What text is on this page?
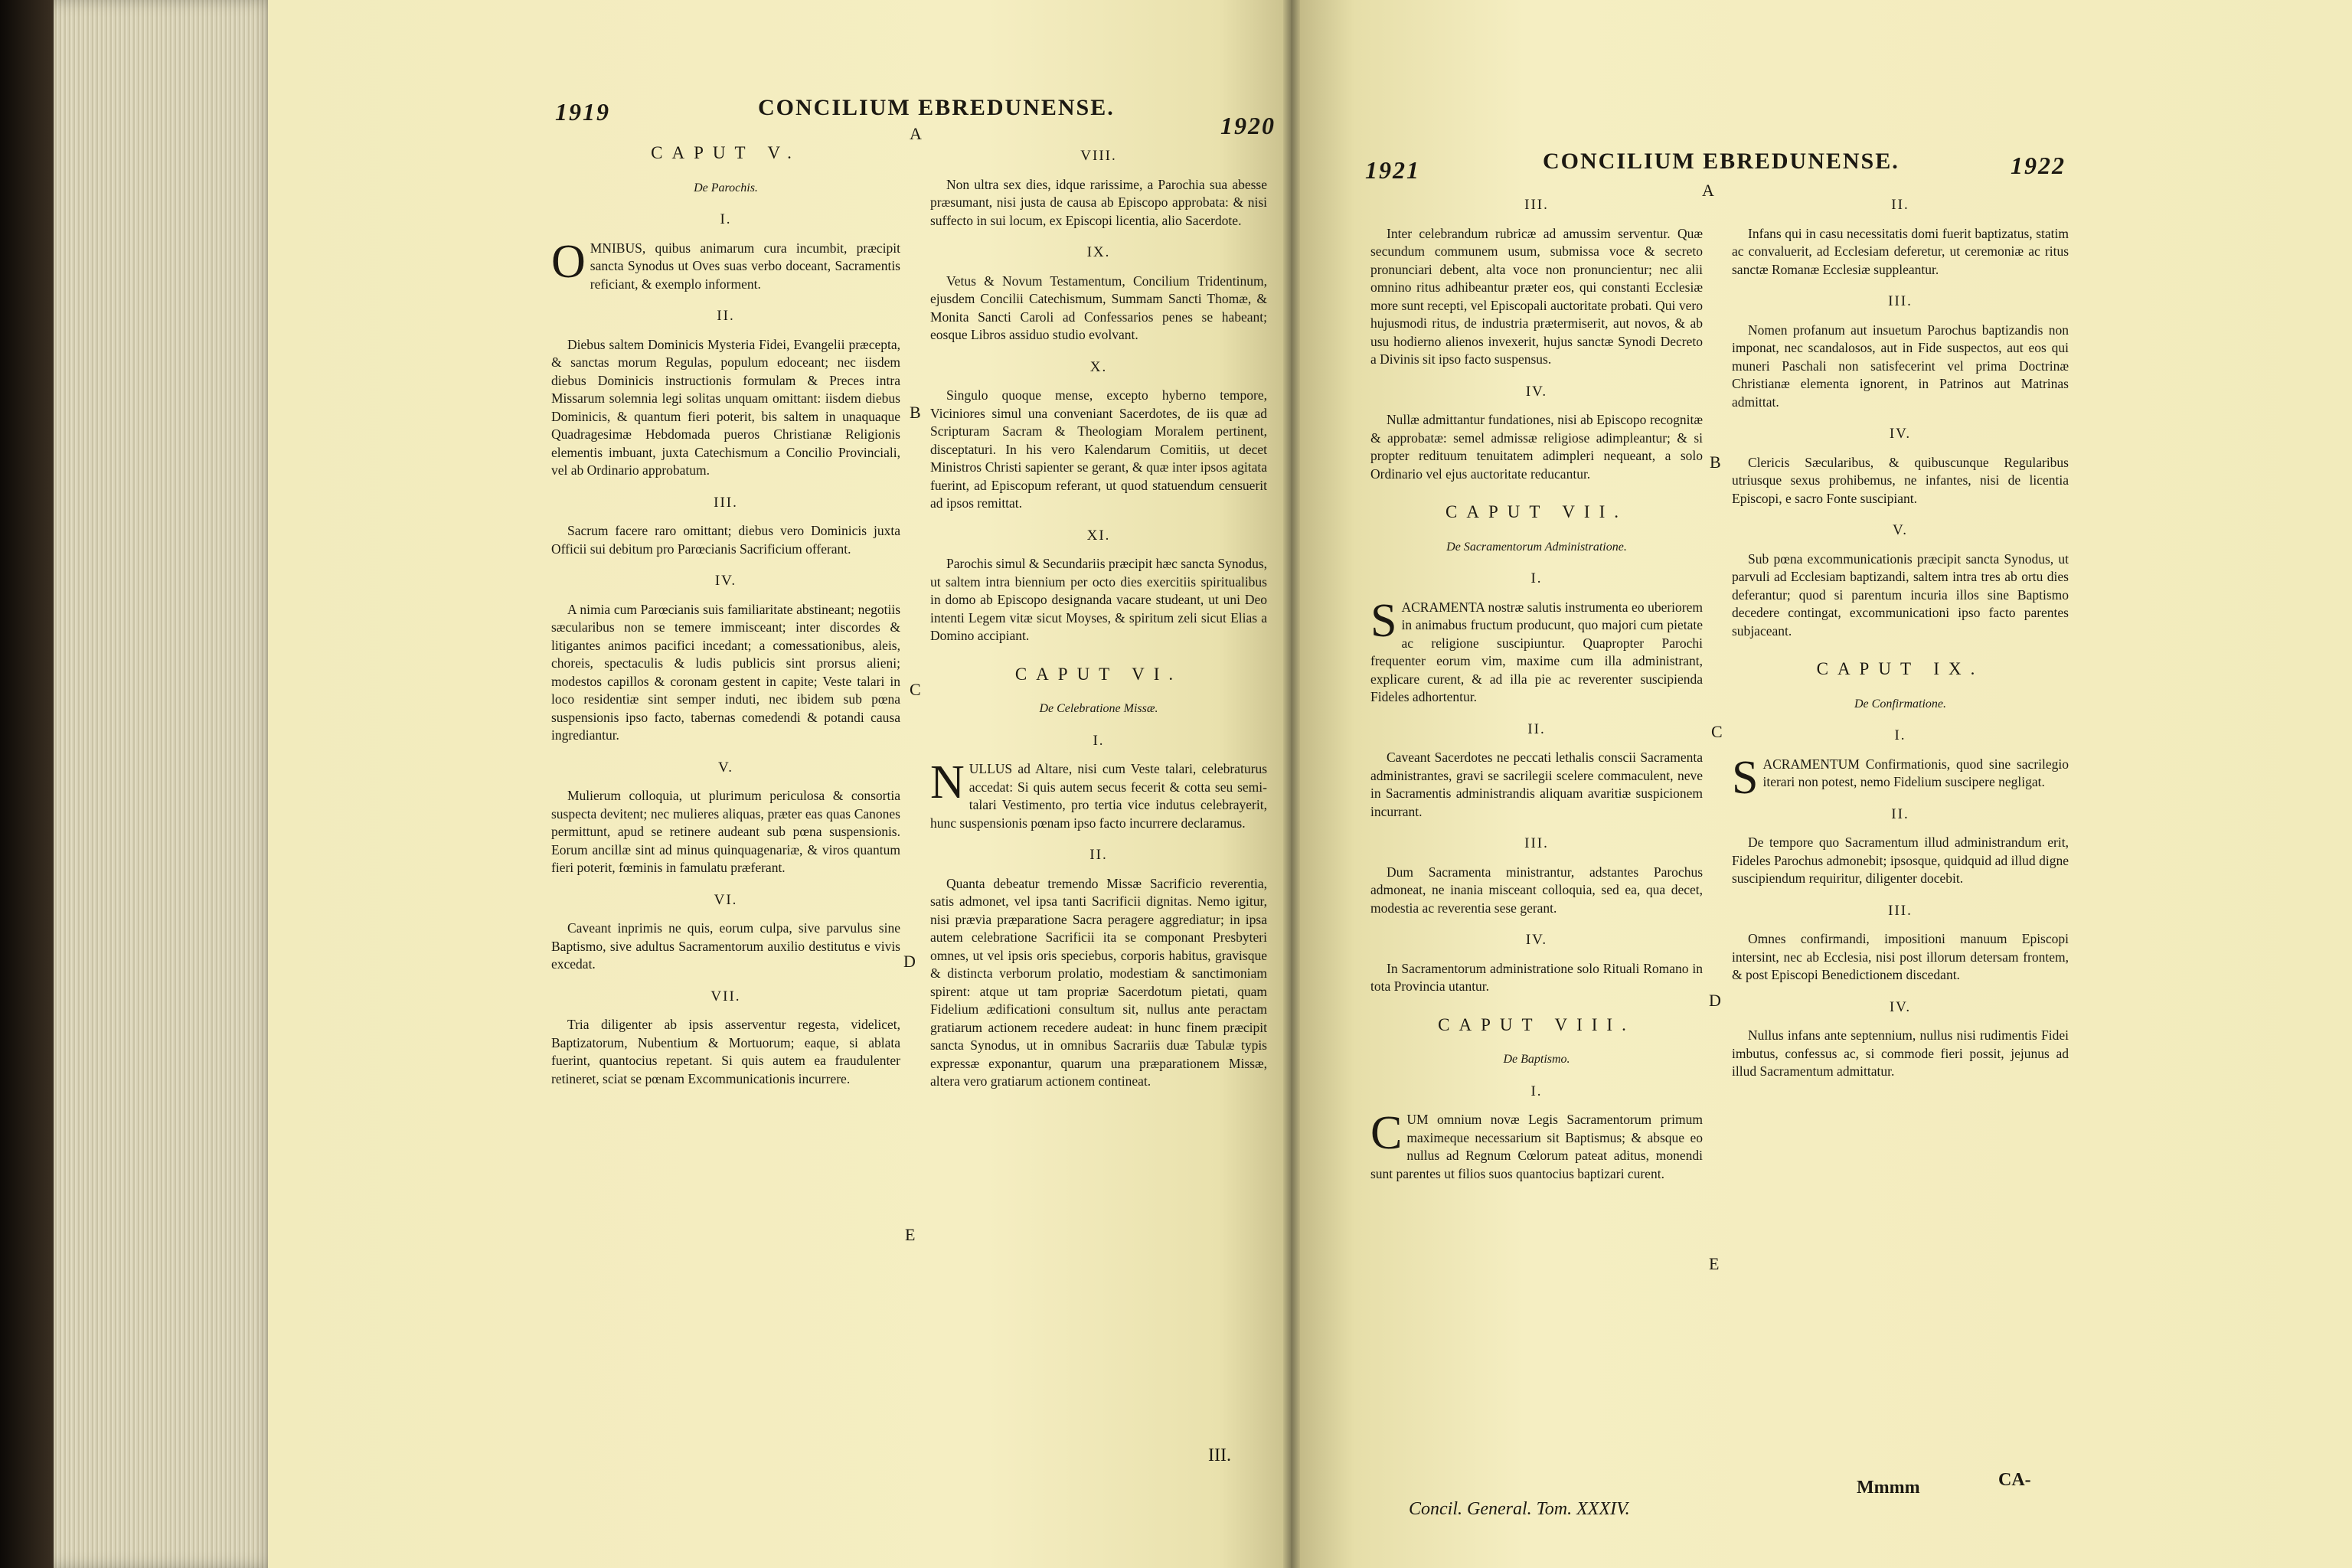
1919	CONCILIUM EBREDUNENSE.
1920
A
B
C
D
E
CAPUT V.
De Parochis.
I.

OMNIBUS, quibus animarum cura incumbit, præcipit sancta Synodus ut Oves suas verbo doceant, Sacramentis reficiant, & exemplo informent.

II.

Diebus saltem Dominicis Mysteria Fidei, Evangelii præcepta, & sanctas morum Regulas, populum edoceant; nec iisdem diebus Dominicis instructionis formulam & Preces intra Missarum solemnia legi solitas unquam omittant: iisdem diebus Dominicis, & quantum fieri poterit, bis saltem in unaquaque Quadragesimæ Hebdomada pueros Christianæ Religionis elementis imbuant, juxta Catechismum a Concilio Provinciali, vel ab Ordinario approbatum.

III.

Sacrum facere raro omittant; diebus vero Dominicis juxta Officii sui debitum pro Parœcianis Sacrificium offerant.

IV.

A nimia cum Parœcianis suis familiaritate abstineant; negotiis sæcularibus non se temere immisceant; inter discordes & litigantes animos pacifici incedant; a comessationibus, aleis, choreis, spectaculis & ludis publicis sint prorsus alieni; modestos capillos & coronam gestent in capite; Veste talari in loco residentiæ sint semper induti, nec ibidem sub pœna suspensionis ipso facto, tabernas comedendi & potandi causa ingrediantur.

V.

Mulierum colloquia, ut plurimum periculosa & consortia suspecta devitent; nec mulieres aliquas, præter eas quas Canones permittunt, apud se retinere audeant sub pœna suspensionis. Eorum ancillæ sint ad minus quinquagenariæ, & viros quantum fieri poterit, fœminis in famulatu præferant.

VI.

Caveant inprimis ne quis, eorum culpa, sive parvulus sine Baptismo, sive adultus Sacramentorum auxilio destitutus e vivis excedat.

VII.

Tria diligenter ab ipsis asserventur regesta, videlicet, Baptizatorum, Nubentium & Mortuorum; eaque, si ablata fuerint, quantocius repetant. Si quis autem ea fraudulenter retineret, sciat se pœnam Excommunicationis incurrere.

VIII.

Non ultra sex dies, idque rarissime, a Parochia sua abesse præsumant, nisi justa de causa ab Episcopo approbata: & nisi suffecto in sui locum, ex Episcopi licentia, alio Sacerdote.

IX.

Vetus & Novum Testamentum, Concilium Tridentinum, ejusdem Concilii Catechismum, Summam Sancti Thomæ, & Monita Sancti Caroli ad Confessarios penes se habeant; eosque Libros assiduo studio evolvant.

X.

Singulo quoque mense, excepto hyberno tempore, Viciniores simul una conveniant Sacerdotes, de iis quæ ad Scripturam Sacram & Theologiam Moralem pertinent, disceptaturi. In his vero Kalendarum Comitiis, ut decet Ministros Christi sapienter se gerant, & quæ inter ipsos agitata fuerint, ad Episcopum referant, ut quod statuendum censuerit ad ipsos remittat.

XI.

Parochis simul & Secundariis præcipit hæc sancta Synodus, ut saltem intra biennium per octo dies exercitiis spiritualibus in domo ab Episcopo designanda vacare studeant, ut uni Deo intenti Legem vitæ sicut Moyses, & spiritum zeli sicut Elias a Domino accipiant.

CAPUT VI.
De Celebratione Missæ.
I.

NULLUS ad Altare, nisi cum Veste talari, celebraturus accedat: Si quis autem secus fecerit & cotta seu semi-talari Vestimento, pro tertia vice indutus celebrayerit, hunc suspensionis pœnam ipso facto incurrere declaramus.

II.

Quanta debeatur tremendo Missæ Sacrificio reverentia, satis admonet, vel ipsa tanti Sacrificii dignitas. Nemo igitur, nisi prævia præparatione Sacra peragere aggrediatur; in ipsa autem celebratione Sacrificii ita se componant Presbyteri omnes, ut vel ipsis oris speciebus, corporis habitus, gravisque & distincta verborum prolatio, modestiam & sanctimoniam spirent: atque ut tam propriæ Sacerdotum pietati, quam Fidelium ædificationi consultum sit, nullus ante peractam gratiarum actionem recedere audeat: in hunc finem præcipit sancta Synodus, ut in omnibus Sacrariis duæ Tabulæ typis expressæ exponantur, quarum una præparationem Missæ, altera vero gratiarum actionem contineat.

III.
1921	CONCILIUM EBREDUNENSE.	1922
A
B
C
D
E
III.

Inter celebrandum rubricæ ad amussim serventur. Quæ secundum communem usum, submissa voce & secreto pronunciari debent, alta voce non pronuncientur; nec alii omnino ritus adhibeantur præter eos, qui constanti Ecclesiæ more sunt recepti, vel Episcopali auctoritate probati. Qui vero hujusmodi ritus, de industria prætermiserit, aut novos, & ab usu hodierno alienos invexerit, hujus sanctæ Synodi Decreto a Divinis sit ipso facto suspensus.

IV.

Nullæ admittantur fundationes, nisi ab Episcopo recognitæ & approbatæ: semel admissæ religiose adimpleantur; & si propter redituum tenuitatem adimpleri nequeant, a solo Ordinario vel ejus auctoritate reducantur.

CAPUT VII.
De Sacramentorum Administratione.
I.

SACRAMENTA nostræ salutis instrumenta eo uberiorem in animabus fructum producunt, quo majori cum pietate ac religione suscipiuntur. Quapropter Parochi frequenter eorum vim, maxime cum illa administrant, explicare curent, & ad illa pie ac reverenter suscipienda Fideles adhortentur.

II.

Caveant Sacerdotes ne peccati lethalis conscii Sacramenta administrantes, gravi se sacrilegii scelere commaculent, neve in Sacramentis administrandis aliquam avaritiæ suspicionem incurrant.

III.

Dum Sacramenta ministrantur, adstantes Parochus admoneat, ne inania misceant colloquia, sed ea, qua decet, modestia ac reverentia sese gerant.

IV.

In Sacramentorum administratione solo Rituali Romano in tota Provincia utantur.

CAPUT VIII.
De Baptismo.
I.

CUM omnium novæ Legis Sacramentorum primum maximeque necessarium sit Baptismus; & absque eo nullus ad Regnum Cœlorum pateat aditus, monendi sunt parentes ut filios suos quantocius baptizari curent.

II.

Infans qui in casu necessitatis domi fuerit baptizatus, statim ac convaluerit, ad Ecclesiam deferetur, ut ceremoniæ ac ritus sanctæ Romanæ Ecclesiæ suppleantur.

III.

Nomen profanum aut insuetum Parochus baptizandis non imponat, nec scandalosos, aut in Fide suspectos, aut eos qui muneri Paschali non satisfecerint vel prima Doctrinæ Christianæ elementa ignorent, in Patrinos aut Matrinas admittat.

IV.

Clericis Sæcularibus, & quibuscunque Regularibus utriusque sexus prohibemus, ne infantes, nisi de licentia Episcopi, e sacro Fonte suscipiant.

V.

Sub pœna excommunicationis præcipit sancta Synodus, ut parvuli ad Ecclesiam baptizandi, saltem intra tres ab ortu dies deferantur; quod si parentum incuria illos sine Baptismo decedere contingat, excommunicationi ipso facto parentes subjaceant.

CAPUT IX.
De Confirmatione.
I.

SACRAMENTUM Confirmationis, quod sine sacrilegio iterari non potest, nemo Fidelium suscipere negligat.

II.

De tempore quo Sacramentum illud administrandum erit, Fideles Parochus admonebit; ipsosque, quidquid ad illud digne suscipiendum requiritur, diligenter docebit.

III.

Omnes confirmandi, impositioni manuum Episcopi intersint, nec ab Ecclesia, nisi post illorum detersam frontem, & post Episcopi Benedictionem discedant.

IV.

Nullus infans ante septennium, nullus nisi rudimentis Fidei imbutus, confessus ac, si commode fieri possit, jejunus ad illud Sacramentum admittatur.

Concil. General. Tom. XXXIV.
Mmmm	CA-
